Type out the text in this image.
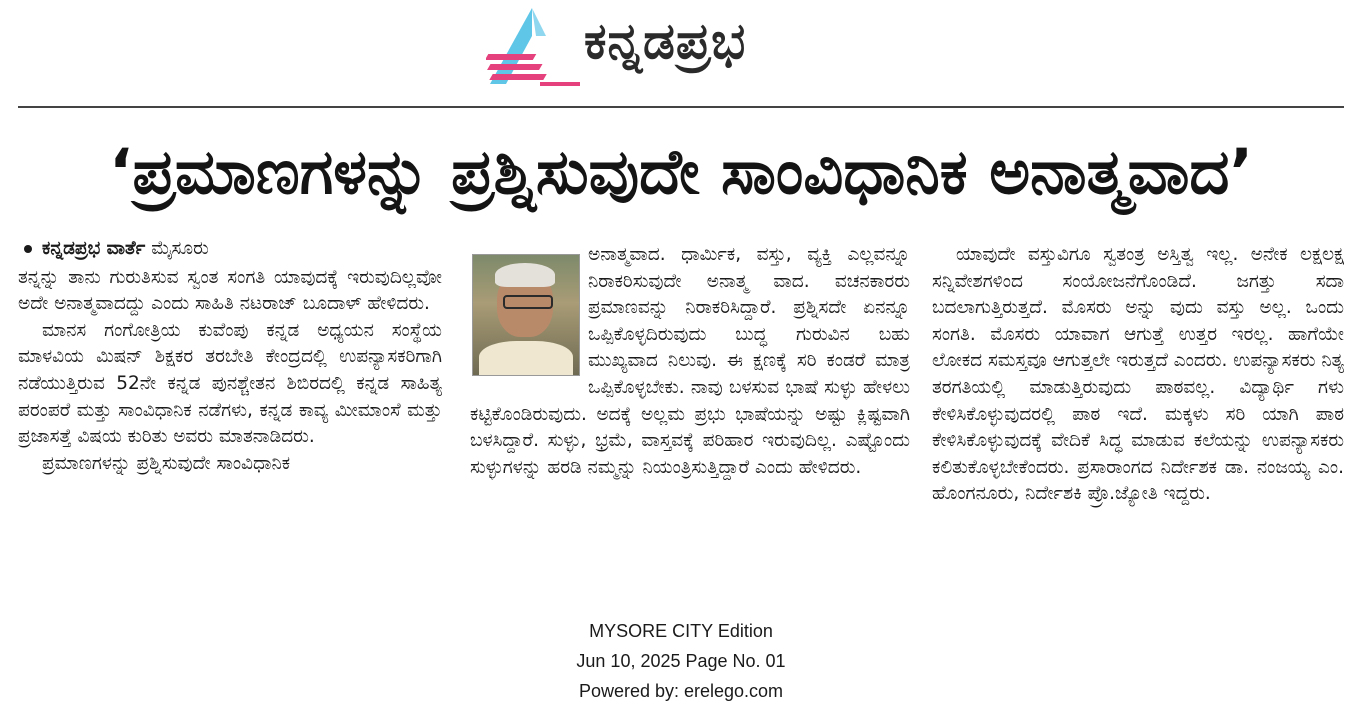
ಕನ್ನಡಪ್ರಭ
‘ಪ್ರಮಾಣಗಳನ್ನು ಪ್ರಶ್ನಿಸುವುದೇ ಸಾಂವಿಧಾನಿಕ ಅನಾತ್ಮವಾದ’
ಕನ್ನಡಪ್ರಭ ವಾರ್ತೆ ಮೈಸೂರು

ತನ್ನನ್ನು ತಾನು ಗುರುತಿಸುವ ಸ್ವಂತ ಸಂಗತಿ ಯಾವುದಕ್ಕೆ ಇರುವುದಿಲ್ಲವೋ ಅದೇ ಅನಾತ್ಮವಾದದ್ದು ಎಂದು ಸಾಹಿತಿ ನಟರಾಜ್ ಬೂದಾಳ್ ಹೇಳಿದರು.

ಮಾನಸ ಗಂಗೋತ್ರಿಯ ಕುವೆಂಪು ಕನ್ನಡ ಅಧ್ಯಯನ ಸಂಸ್ಥೆಯ ಮಾಳವಿಯ ಮಿಷನ್ ಶಿಕ್ಷಕರ ತರಬೇತಿ ಕೇಂದ್ರದಲ್ಲಿ ಉಪನ್ಯಾಸಕರಿಗಾಗಿ ನಡೆಯುತ್ತಿರುವ 52ನೇ ಕನ್ನಡ ಪುನಶ್ಚೇತನ ಶಿಬಿರದಲ್ಲಿ ಕನ್ನಡ ಸಾಹಿತ್ಯ ಪರಂಪರೆ ಮತ್ತು ಸಾಂವಿಧಾನಿಕ ನಡೆಗಳು, ಕನ್ನಡ ಕಾವ್ಯ ಮೀಮಾಂಸೆ ಮತ್ತು ಪ್ರಜಾಸತ್ತೆ ವಿಷಯ ಕುರಿತು ಅವರು ಮಾತನಾಡಿದರು.

ಪ್ರಮಾಣಗಳನ್ನು ಪ್ರಶ್ನಿಸುವುದೇ ಸಾಂವಿಧಾನಿಕ

ಅನಾತ್ಮವಾದ. ಧಾರ್ಮಿಕ, ವಸ್ತು, ವ್ಯಕ್ತಿ ಎಲ್ಲವನ್ನೂ ನಿರಾಕರಿಸುವುದೇ ಅನಾತ್ಮ ವಾದ. ವಚನಕಾರರು ಪ್ರಮಾಣವನ್ನು ನಿರಾಕರಿಸಿದ್ದಾರೆ. ಪ್ರಶ್ನಿಸದೇ ಏನನ್ನೂ ಒಪ್ಪಿಕೊಳ್ಳದಿರುವುದು ಬುದ್ಧ ಗುರುವಿನ ಬಹು ಮುಖ್ಯವಾದ ನಿಲುವು. ಈ ಕ್ಷಣಕ್ಕೆ ಸರಿ ಕಂಡರೆ ಮಾತ್ರ ಒಪ್ಪಿಕೊಳ್ಳಬೇಕು. ನಾವು ಬಳಸುವ ಭಾಷೆ ಸುಳ್ಳು ಹೇಳಲು ಕಟ್ಟಿಕೊಂಡಿರುವುದು. ಅದಕ್ಕೆ ಅಲ್ಲಮ ಪ್ರಭು ಭಾಷೆಯನ್ನು ಅಷ್ಟು ಕ್ಲಿಷ್ಟವಾಗಿ ಬಳಸಿದ್ದಾರೆ. ಸುಳ್ಳು, ಭ್ರಮೆ, ವಾಸ್ತವಕ್ಕೆ ಪರಿಹಾರ ಇರುವುದಿಲ್ಲ. ಎಷ್ಟೊಂದು ಸುಳ್ಳುಗಳನ್ನು ಹರಡಿ ನಮ್ಮನ್ನು ನಿಯಂತ್ರಿಸುತ್ತಿದ್ದಾರೆ ಎಂದು ಹೇಳಿದರು.

ಯಾವುದೇ ವಸ್ತುವಿಗೂ ಸ್ವತಂತ್ರ ಅಸ್ತಿತ್ವ ಇಲ್ಲ. ಅನೇಕ ಲಕ್ಷಲಕ್ಷ ಸನ್ನಿವೇಶಗಳಿಂದ ಸಂಯೋಜನೆಗೊಂಡಿದೆ. ಜಗತ್ತು ಸದಾ ಬದಲಾಗುತ್ತಿರುತ್ತದೆ. ಮೊಸರು ಅನ್ನು ವುದು ವಸ್ತು ಅಲ್ಲ. ಒಂದು ಸಂಗತಿ. ಮೊಸರು ಯಾವಾಗ ಆಗುತ್ತೆ ಉತ್ತರ ಇರಲ್ಲ. ಹಾಗೆಯೇ ಲೋಕದ ಸಮಸ್ತವೂ ಆಗುತ್ತಲೇ ಇರುತ್ತದೆ ಎಂದರು. ಉಪನ್ಯಾಸಕರು ನಿತ್ಯ ತರಗತಿಯಲ್ಲಿ ಮಾಡುತ್ತಿರುವುದು ಪಾಠವಲ್ಲ. ವಿದ್ಯಾರ್ಥಿ ಗಳು ಕೇಳಿಸಿಕೊಳ್ಳುವುದರಲ್ಲಿ ಪಾಠ ಇದೆ. ಮಕ್ಕಳು ಸರಿ ಯಾಗಿ ಪಾಠ ಕೇಳಿಸಿಕೊಳ್ಳುವುದಕ್ಕೆ ವೇದಿಕೆ ಸಿದ್ಧ ಮಾಡುವ ಕಲೆಯನ್ನು ಉಪನ್ಯಾಸಕರು ಕಲಿತುಕೊಳ್ಳಬೇಕೆಂದರು. ಪ್ರಸಾರಾಂಗದ ನಿರ್ದೇಶಕ ಡಾ. ನಂಜಯ್ಯ ಎಂ. ಹೊಂಗನೂರು, ನಿರ್ದೇಶಕಿ ಪ್ರೊ.ಜ್ಯೋತಿ ಇದ್ದರು.

MYSORE CITY Edition
Jun 10, 2025 Page No. 01
Powered by: erelego.com
